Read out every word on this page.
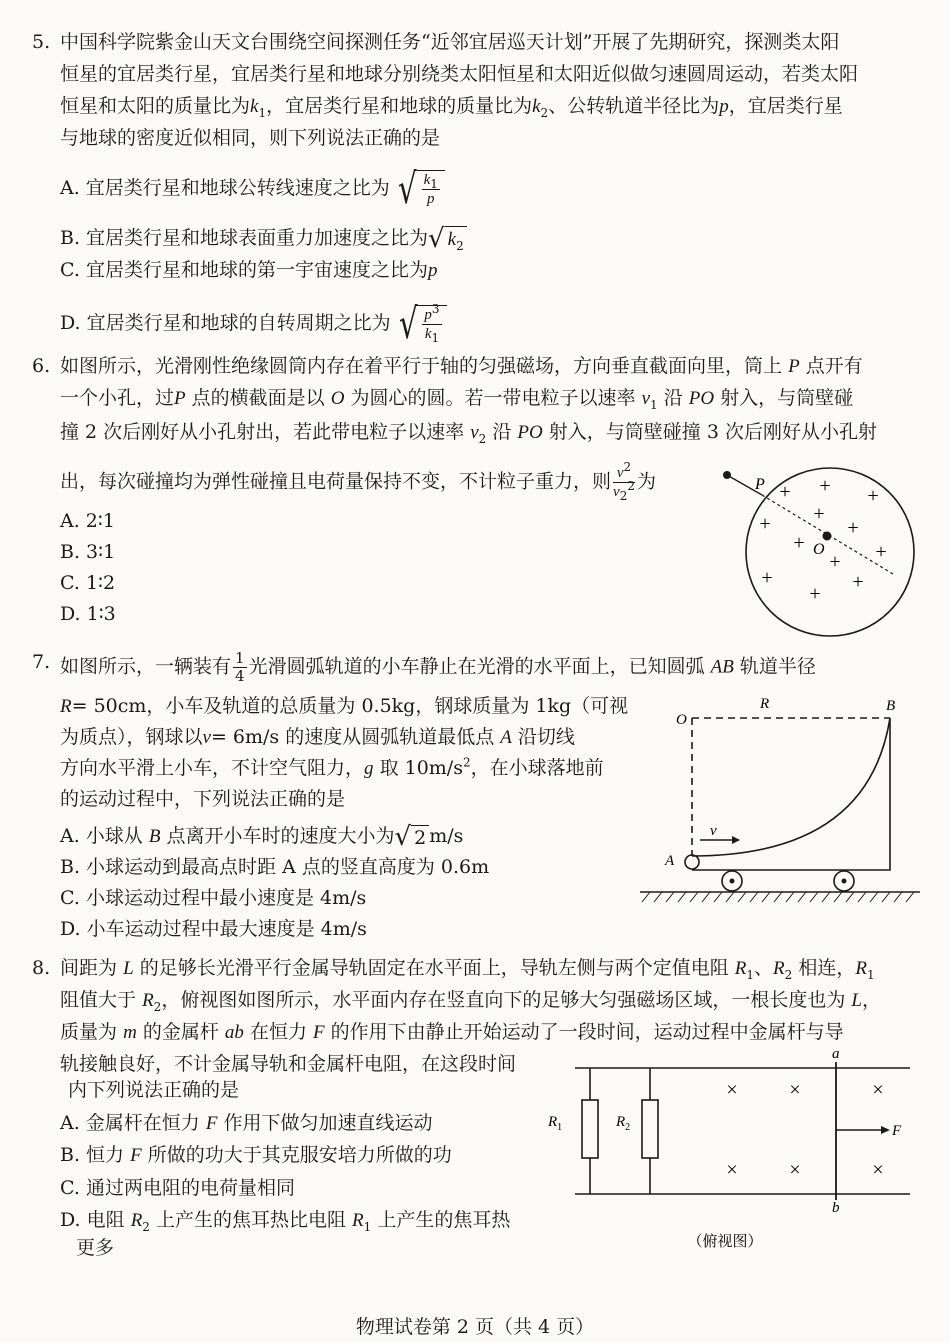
5. 中国科学院紫金山天文台围绕空间探测任务“近邻宜居巡天计划”开展了先期研究，探测类太阳
恒星的宜居类行星，宜居类行星和地球分别绕类太阳恒星和太阳近似做匀速圆周运动，若类太阳
恒星和太阳的质量比为$k_1$，宜居类行星和地球的质量比为$k_2$、公转轨道半径比为p，宜居类行星
与地球的密度近似相同，则下列说法正确的是
A. 宜居类行星和地球公转线速度之比为 √ $\frac{k_1}{p}$
B. 宜居类行星和地球表面重力加速度之比为 √ $k_2$
C. 宜居类行星和地球的第一宇宙速度之比为p
D. 宜居类行星和地球的自转周期之比为 √ $\frac{p^3}{k_1}$
6. 如图所示，光滑刚性绝缘圆筒内存在着平行于轴的匀强磁场，方向垂直截面向里，筒上 P 点开有
一个小孔，过P 点的横截面是以 O 为圆心的圆。若一带电粒子以速率 $v_1$ 沿 PO 射入，与筒壁碰
撞 2 次后刚好从小孔射出，若此带电粒子以速率 $v_2$ 沿 PO 射入，与筒壁碰撞 3 次后刚好从小孔射
出，每次碰撞均为弹性碰撞且电荷量保持不变，不计粒子重力，则 $\frac{v^2}{v_2^2}$ 为
A. 2∶1
B. 3∶1
C. 1∶2
D. 1∶3
P
O
+ + +
+
+
+
+
+
+
+	+
+
7. 如图所示，一辆装有 $\frac{1}{4}$ 光滑圆弧轨道的小车静止在光滑的水平面上，已知圆弧 AB 轨道半径
R= 50cm，小车及轨道的总质量为 0.5kg，钢球质量为 1kg（可视
为质点），钢球以v= 6m/s 的速度从圆弧轨道最低点 A 沿切线
方向水平滑上小车，不计空气阻力，g 取 $10m/s^2$，在小球落地前
的运动过程中，下列说法正确的是
A. 小球从 B 点离开小车时的速度大小为 √ 2 m/s
B. 小球运动到最高点时距 A 点的竖直高度为 0.6m
C. 小球运动过程中最小速度是 4m/s
D. 小车运动过程中最大速度是 4m/s
O
R	B
A
v
8. 间距为 L 的足够长光滑平行金属导轨固定在水平面上，导轨左侧与两个定值电阻 $R_1$、$R_2$ 相连，$R_1$
阻值大于 $R_2$，俯视图如图所示，水平面内存在竖直向下的足够大匀强磁场区域，一根长度也为 L，
质量为 m 的金属杆 ab 在恒力 F 的作用下由静止开始运动了一段时间，运动过程中金属杆与导
轨接触良好，不计金属导轨和金属杆电阻，在这段时间
内下列说法正确的是
A. 金属杆在恒力 F 作用下做匀加速直线运动
B. 恒力 F 所做的功大于其克服安培力所做的功
C. 通过两电阻的电荷量相同
D. 电阻 $R_2$ 上产生的焦耳热比电阻 $R_1$ 上产生的焦耳热
更多
$R_1$	$R_2$
a
b
F
×	×	×
×	×	×
（俯视图）
物理试卷第 2 页（共 4 页）
